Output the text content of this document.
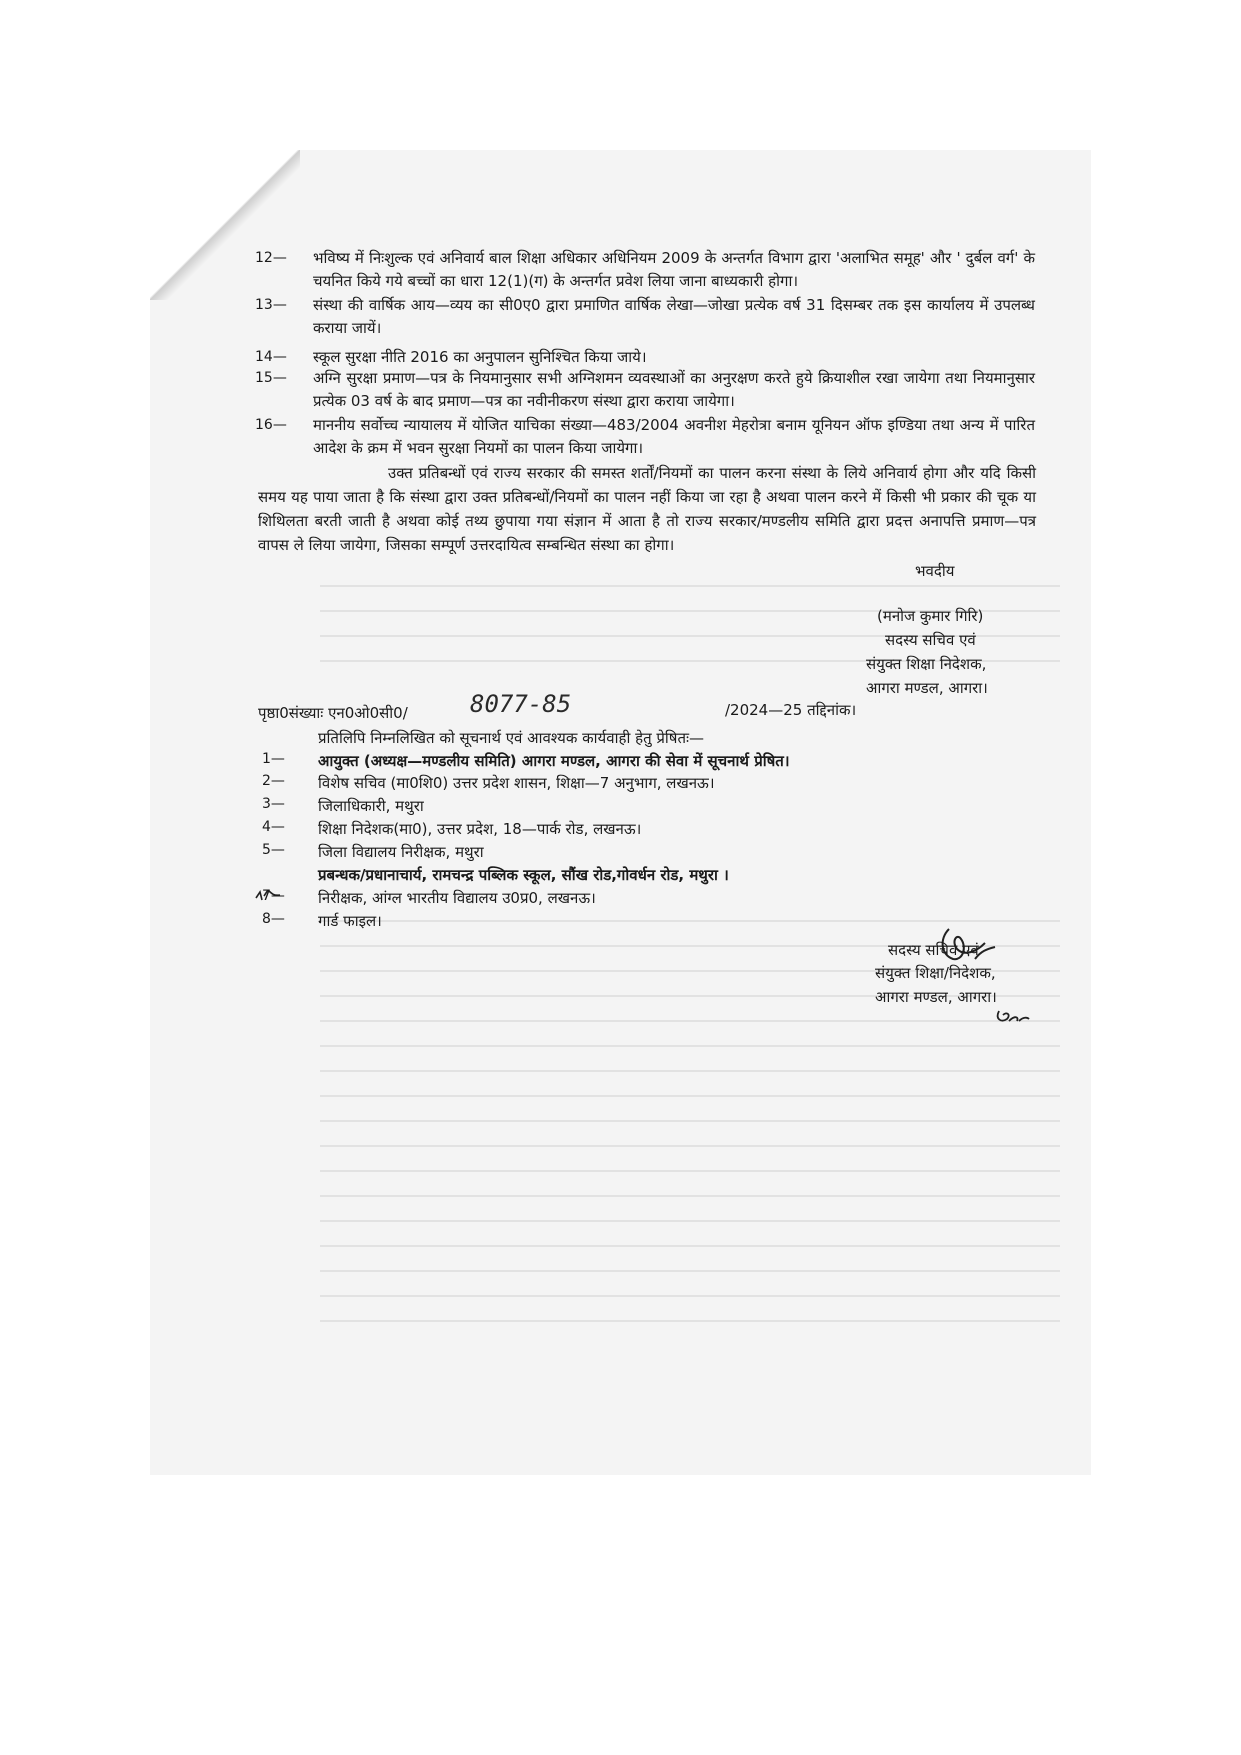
12—	भविष्य में निःशुल्क एवं अनिवार्य बाल शिक्षा अधिकार अधिनियम 2009 के अन्तर्गत विभाग द्वारा 'अलाभित समूह' और ' दुर्बल वर्ग' के चयनित किये गये बच्चों का धारा 12(1)(ग) के अन्तर्गत प्रवेश लिया जाना बाध्यकारी होगा।
13—	संस्था की वार्षिक आय—व्यय का सी0ए0 द्वारा प्रमाणित वार्षिक लेखा—जोखा प्रत्येक वर्ष 31 दिसम्बर तक इस कार्यालय में उपलब्ध कराया जायें।
14—	स्कूल सुरक्षा नीति 2016 का अनुपालन सुनिश्चित किया जाये।
15—	अग्नि सुरक्षा प्रमाण—पत्र के नियमानुसार सभी अग्निशमन व्यवस्थाओं का अनुरक्षण करते हुये क्रियाशील रखा जायेगा तथा नियमानुसार प्रत्येक 03 वर्ष के बाद प्रमाण—पत्र का नवीनीकरण संस्था द्वारा कराया जायेगा।
16—	माननीय सर्वोच्च न्यायालय में योजित याचिका संख्या—483/2004 अवनीश मेहरोत्रा बनाम यूनियन ऑफ इण्डिया तथा अन्य में पारित आदेश के क्रम में भवन सुरक्षा नियमों का पालन किया जायेगा।
उक्त प्रतिबन्धों एवं राज्य सरकार की समस्त शर्तों/नियमों का पालन करना संस्था के लिये अनिवार्य होगा और यदि किसी समय यह पाया जाता है कि संस्था द्वारा उक्त प्रतिबन्धों/नियमों का पालन नहीं किया जा रहा है अथवा पालन करने में किसी भी प्रकार की चूक या शिथिलता बरती जाती है अथवा कोई तथ्य छुपाया गया संज्ञान में आता है तो राज्य सरकार/मण्डलीय समिति द्वारा प्रदत्त अनापत्ति प्रमाण—पत्र वापस ले लिया जायेगा, जिसका सम्पूर्ण उत्तरदायित्व सम्बन्धित संस्था का होगा।
भवदीय
(मनोज कुमार गिरि)
सदस्य सचिव एवं
संयुक्त शिक्षा निदेशक,
आगरा मण्डल, आगरा।
पृष्ठा0संख्याः एन0ओ0सी0/	8077-85	/2024—25 तद्दिनांक।
प्रतिलिपि निम्नलिखित को सूचनार्थ एवं आवश्यक कार्यवाही हेतु प्रेषितः—
1—	आयुक्त (अध्यक्ष—मण्डलीय समिति) आगरा मण्डल, आगरा की सेवा में सूचनार्थ प्रेषित।
2—	विशेष सचिव (मा0शि0) उत्तर प्रदेश शासन, शिक्षा—7 अनुभाग, लखनऊ।
3—	जिलाधिकारी, मथुरा
4—	शिक्षा निदेशक(मा0), उत्तर प्रदेश, 18—पार्क रोड, लखनऊ।
5—	जिला विद्यालय निरीक्षक, मथुरा
प्रबन्धक/प्रधानाचार्य, रामचन्द्र पब्लिक स्कूल, सौंख रोड,गोवर्धन रोड, मथुरा ।
7—	निरीक्षक, आंग्ल भारतीय विद्यालय उ0प्र0, लखनऊ।
8—	गार्ड फाइल।
सदस्य सचिव एवं
संयुक्त शिक्षा/निदेशक,
आगरा मण्डल, आगरा।
